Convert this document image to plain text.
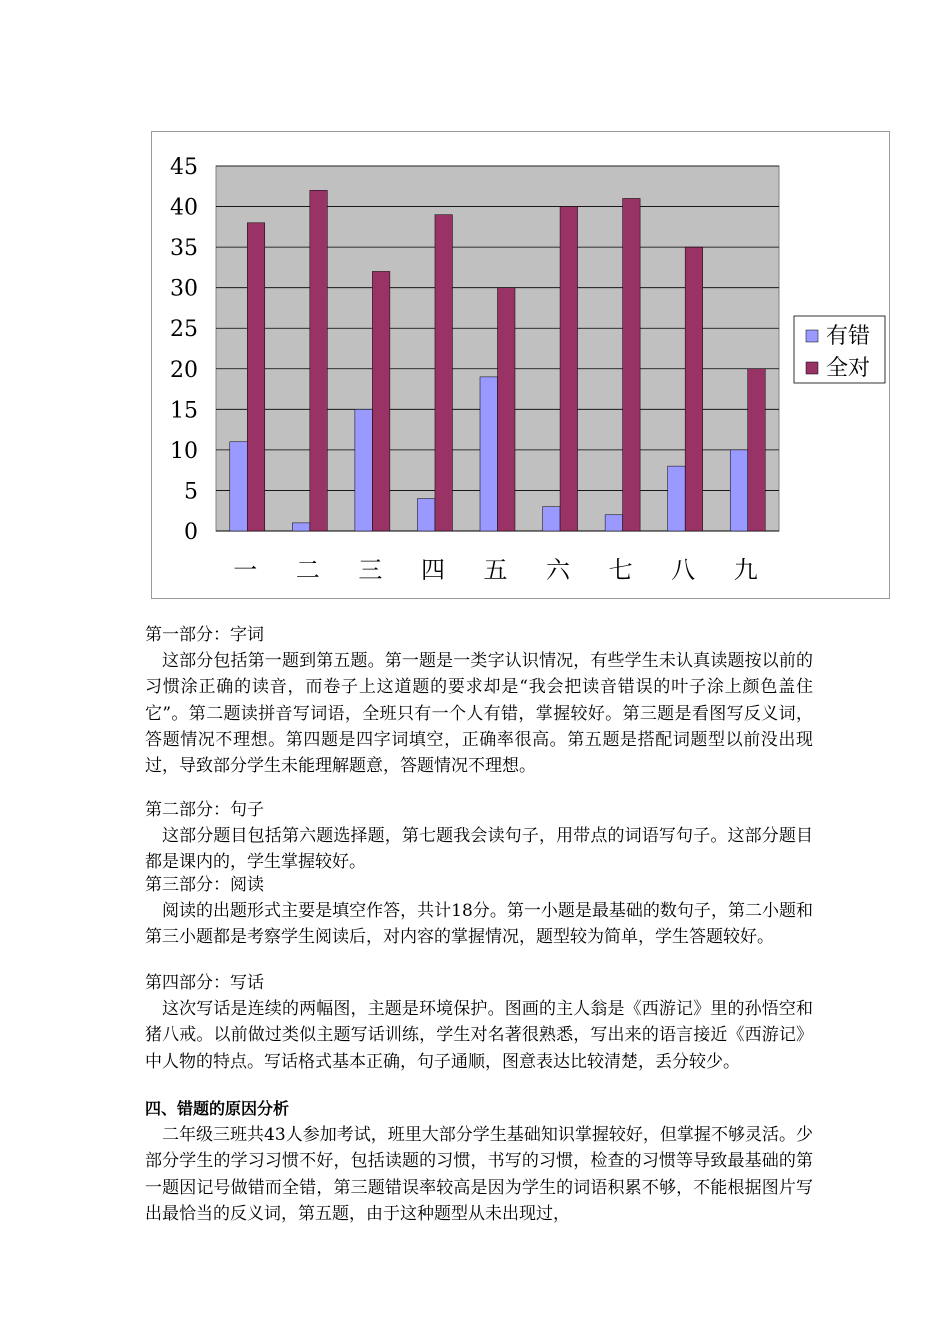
0
5
10
15
20
25
30
35
40
45
一 二 三 四 五 六 七 八 九
有错
全对
第一部分：字词
这部分包括第一题到第五题。第一题是一类字认识情况，有些学生未认真读题按以前的习惯涂正确的读音，而卷子上这道题的要求却是“我会把读音错误的叶子涂上颜色盖住它”。第二题读拼音写词语，全班只有一个人有错，掌握较好。第三题是看图写反义词，答题情况不理想。第四题是四字词填空，正确率很高。第五题是搭配词题型以前没出现过，导致部分学生未能理解题意，答题情况不理想。
第二部分：句子
这部分题目包括第六题选择题，第七题我会读句子，用带点的词语写句子。这部分题目都是课内的，学生掌握较好。
第三部分：阅读
阅读的出题形式主要是填空作答，共计18分。第一小题是最基础的数句子，第二小题和第三小题都是考察学生阅读后，对内容的掌握情况，题型较为简单，学生答题较好。
第四部分：写话
这次写话是连续的两幅图，主题是环境保护。图画的主人翁是《西游记》里的孙悟空和猪八戒。以前做过类似主题写话训练，学生对名著很熟悉，写出来的语言接近《西游记》中人物的特点。写话格式基本正确，句子通顺，图意表达比较清楚，丢分较少。
四、错题的原因分析
二年级三班共43人参加考试，班里大部分学生基础知识掌握较好，但掌握不够灵活。少部分学生的学习习惯不好，包括读题的习惯，书写的习惯，检查的习惯等导致最基础的第一题因记号做错而全错，第三题错误率较高是因为学生的词语积累不够，不能根据图片写出最恰当的反义词，第五题，由于这种题型从未出现过，
